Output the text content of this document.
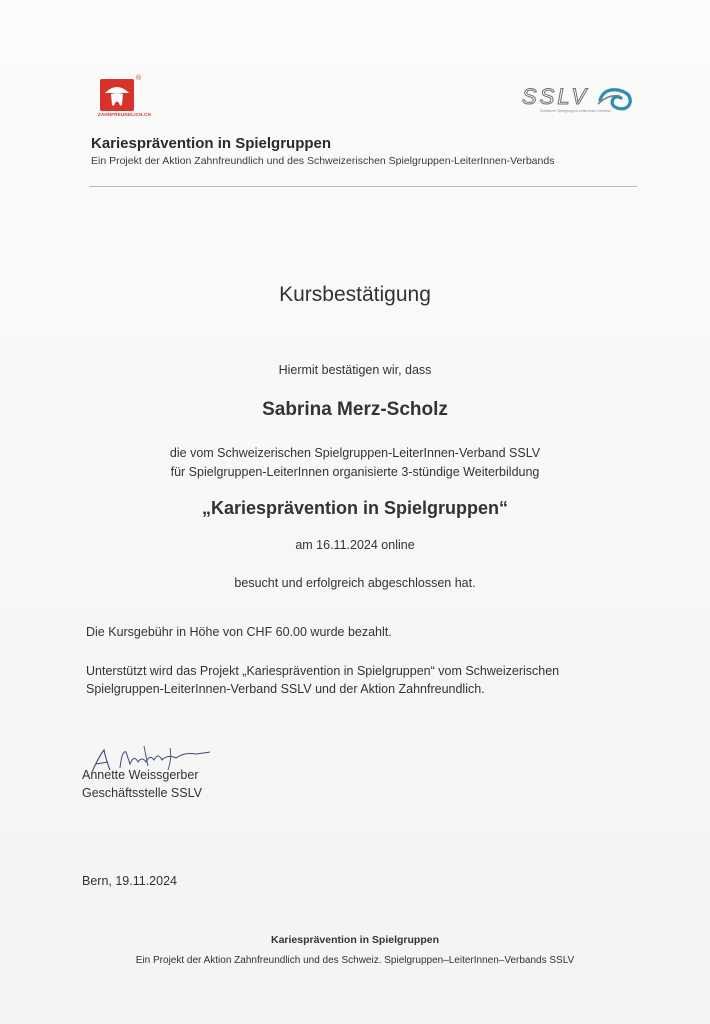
®
ZAHNFREUNDLICH.CH
SSLV
Schweizer Spielgruppen-LeiterInnen-Verband
Kariesprävention in Spielgruppen
Ein Projekt der Aktion Zahnfreundlich und des Schweizerischen Spielgruppen-LeiterInnen-Verbands
Kursbestätigung
Hiermit bestätigen wir, dass
Sabrina Merz-Scholz
die vom Schweizerischen Spielgruppen-LeiterInnen-Verband SSLV
für Spielgruppen-LeiterInnen organisierte 3-stündige Weiterbildung
„Kariesprävention in Spielgruppen“
am 16.11.2024 online
besucht und erfolgreich abgeschlossen hat.
Die Kursgebühr in Höhe von CHF 60.00 wurde bezahlt.
Unterstützt wird das Projekt „Kariesprävention in Spielgruppen“ vom Schweizerischen
Spielgruppen-LeiterInnen-Verband SSLV und der Aktion Zahnfreundlich.
Annette Weissgerber
Geschäftsstelle SSLV
Bern, 19.11.2024
Kariesprävention in Spielgruppen
Ein Projekt der Aktion Zahnfreundlich und des Schweiz. Spielgruppen–LeiterInnen–Verbands SSLV
